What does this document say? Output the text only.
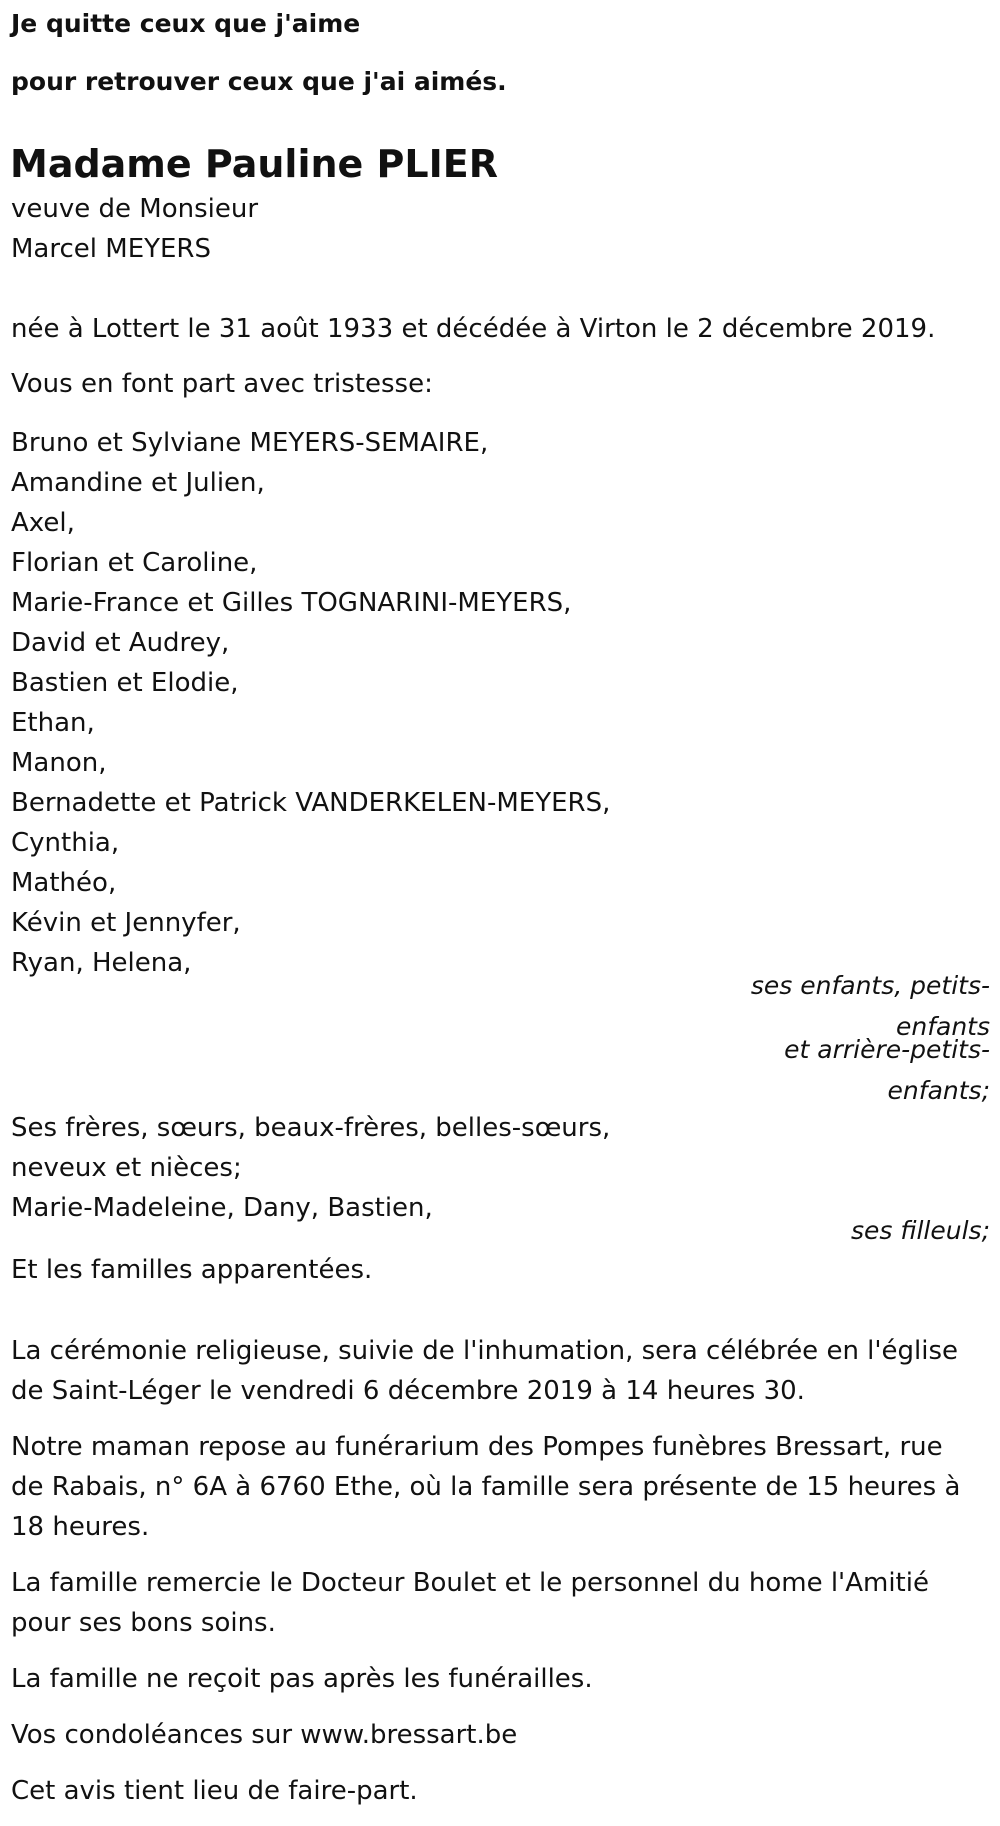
Je quitte ceux que j'aime
pour retrouver ceux que j'ai aimés.
Madame Pauline PLIER
veuve de Monsieur
Marcel MEYERS
née à Lottert le 31 août 1933 et décédée à Virton le 2 décembre 2019.
Vous en font part avec tristesse:
Bruno et Sylviane MEYERS-SEMAIRE,
Amandine et Julien,
Axel,
Florian et Caroline,
Marie-France et Gilles TOGNARINI-MEYERS,
David et Audrey,
Bastien et Elodie,
Ethan,
Manon,
Bernadette et Patrick VANDERKELEN-MEYERS,
Cynthia,
Mathéo,
Kévin et Jennyfer,
Ryan, Helena,
ses enfants, petits-
enfants
et arrière-petits-
enfants;
Ses frères, sœurs, beaux-frères, belles-sœurs,
neveux et nièces;
Marie-Madeleine, Dany, Bastien,
ses filleuls;
Et les familles apparentées.
La cérémonie religieuse, suivie de l'inhumation, sera célébrée en l'église
de Saint-Léger le vendredi 6 décembre 2019 à 14 heures 30.
Notre maman repose au funérarium des Pompes funèbres Bressart, rue
de Rabais, n° 6A à 6760 Ethe, où la famille sera présente de 15 heures à
18 heures.
La famille remercie le Docteur Boulet et le personnel du home l'Amitié
pour ses bons soins.
La famille ne reçoit pas après les funérailles.
Vos condoléances sur www.bressart.be
Cet avis tient lieu de faire-part.
